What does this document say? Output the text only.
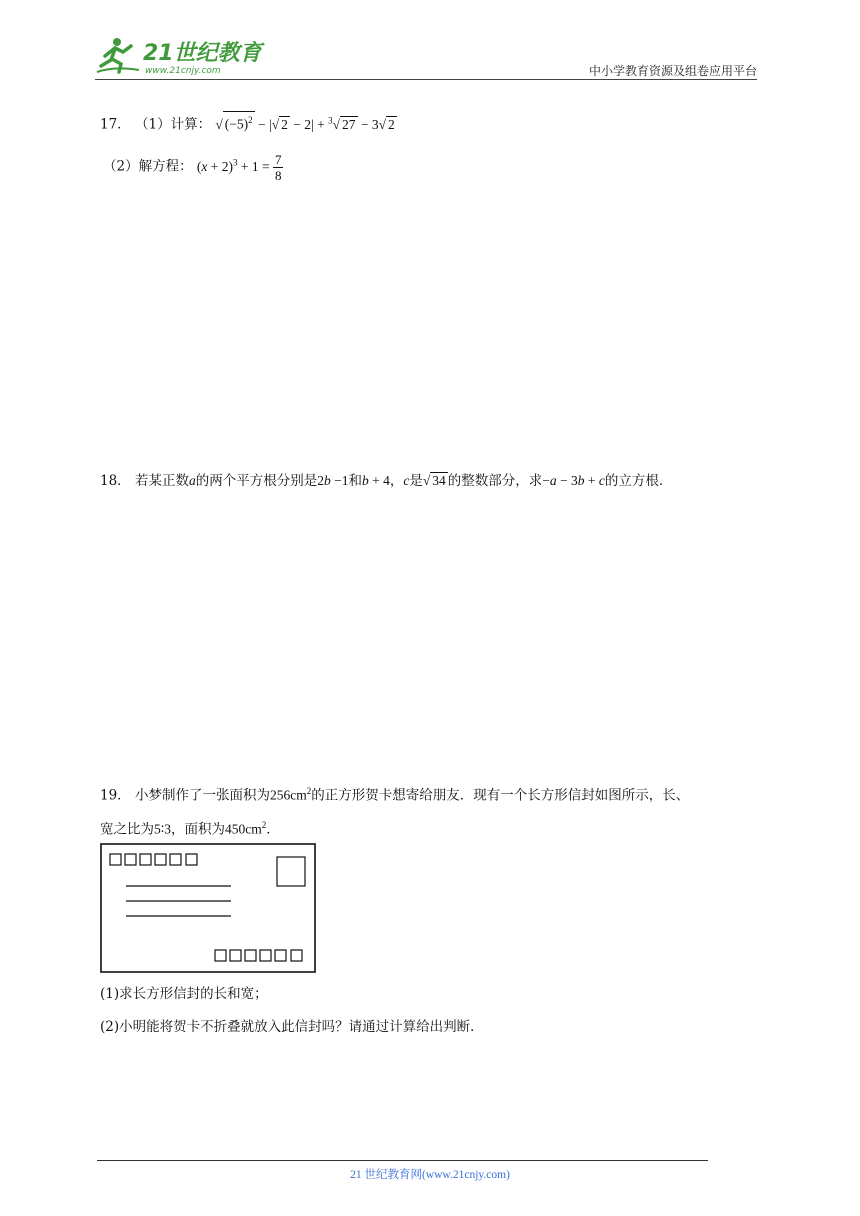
21世纪教育
www.21cnjy.com	中小学教育资源及组卷应用平台
17． （1）计算： √ $(-5)^2$ − |√ 2 − 2| + $^3$√ 27 − 3√ 2
（2）解方程： $(x + 2)^3 + 1 = \frac{7}{8}$
18． 若某正数a的两个平方根分别是2b −1和b + 4，c是√ 34 的整数部分，求−a − 3b + c的立方根．
19． 小梦制作了一张面积为$256cm^2$的正方形贺卡想寄给朋友．现有一个长方形信封如图所示，长、
宽之比为5∶3，面积为$450cm^2$．
(1)求长方形信封的长和宽；
(2)小明能将贺卡不折叠就放入此信封吗？请通过计算给出判断．
21 世纪教育网(www.21cnjy.com)
